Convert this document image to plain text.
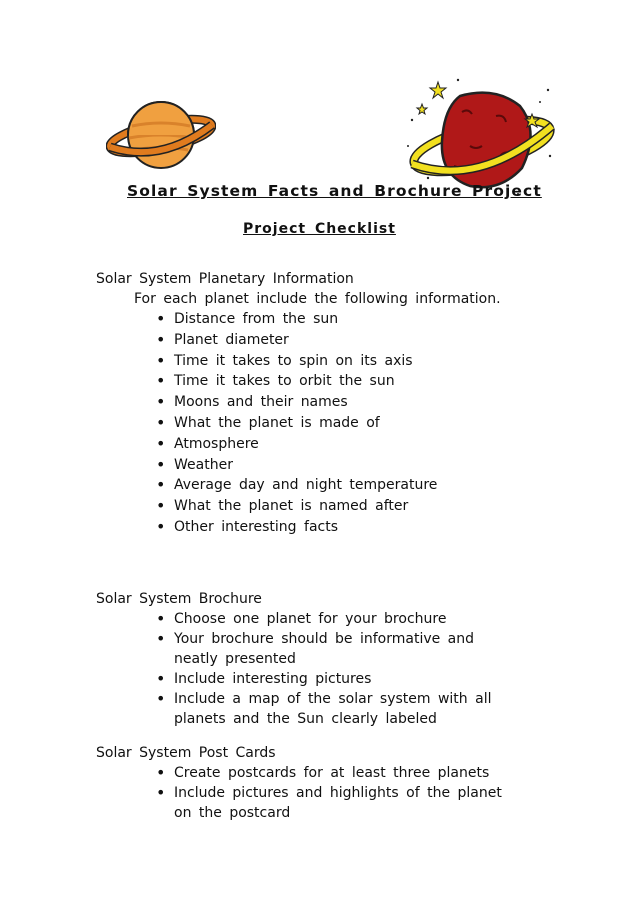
Solar System Facts and Brochure Project
Project Checklist
Solar System Planetary Information
For each planet include the following information.
• Distance from the sun
• Planet diameter
• Time it takes to spin on its axis
• Time it takes to orbit the sun
• Moons and their names
• What the planet is made of
• Atmosphere
• Weather
• Average day and night temperature
• What the planet is named after
• Other interesting facts
Solar System Brochure
• Choose one planet for your brochure
• Your brochure should be informative and
neatly presented
• Include interesting pictures
• Include a map of the solar system with all
planets and the Sun clearly labeled
Solar System Post Cards
• Create postcards for at least three planets
• Include pictures and highlights of the planet
on the postcard
